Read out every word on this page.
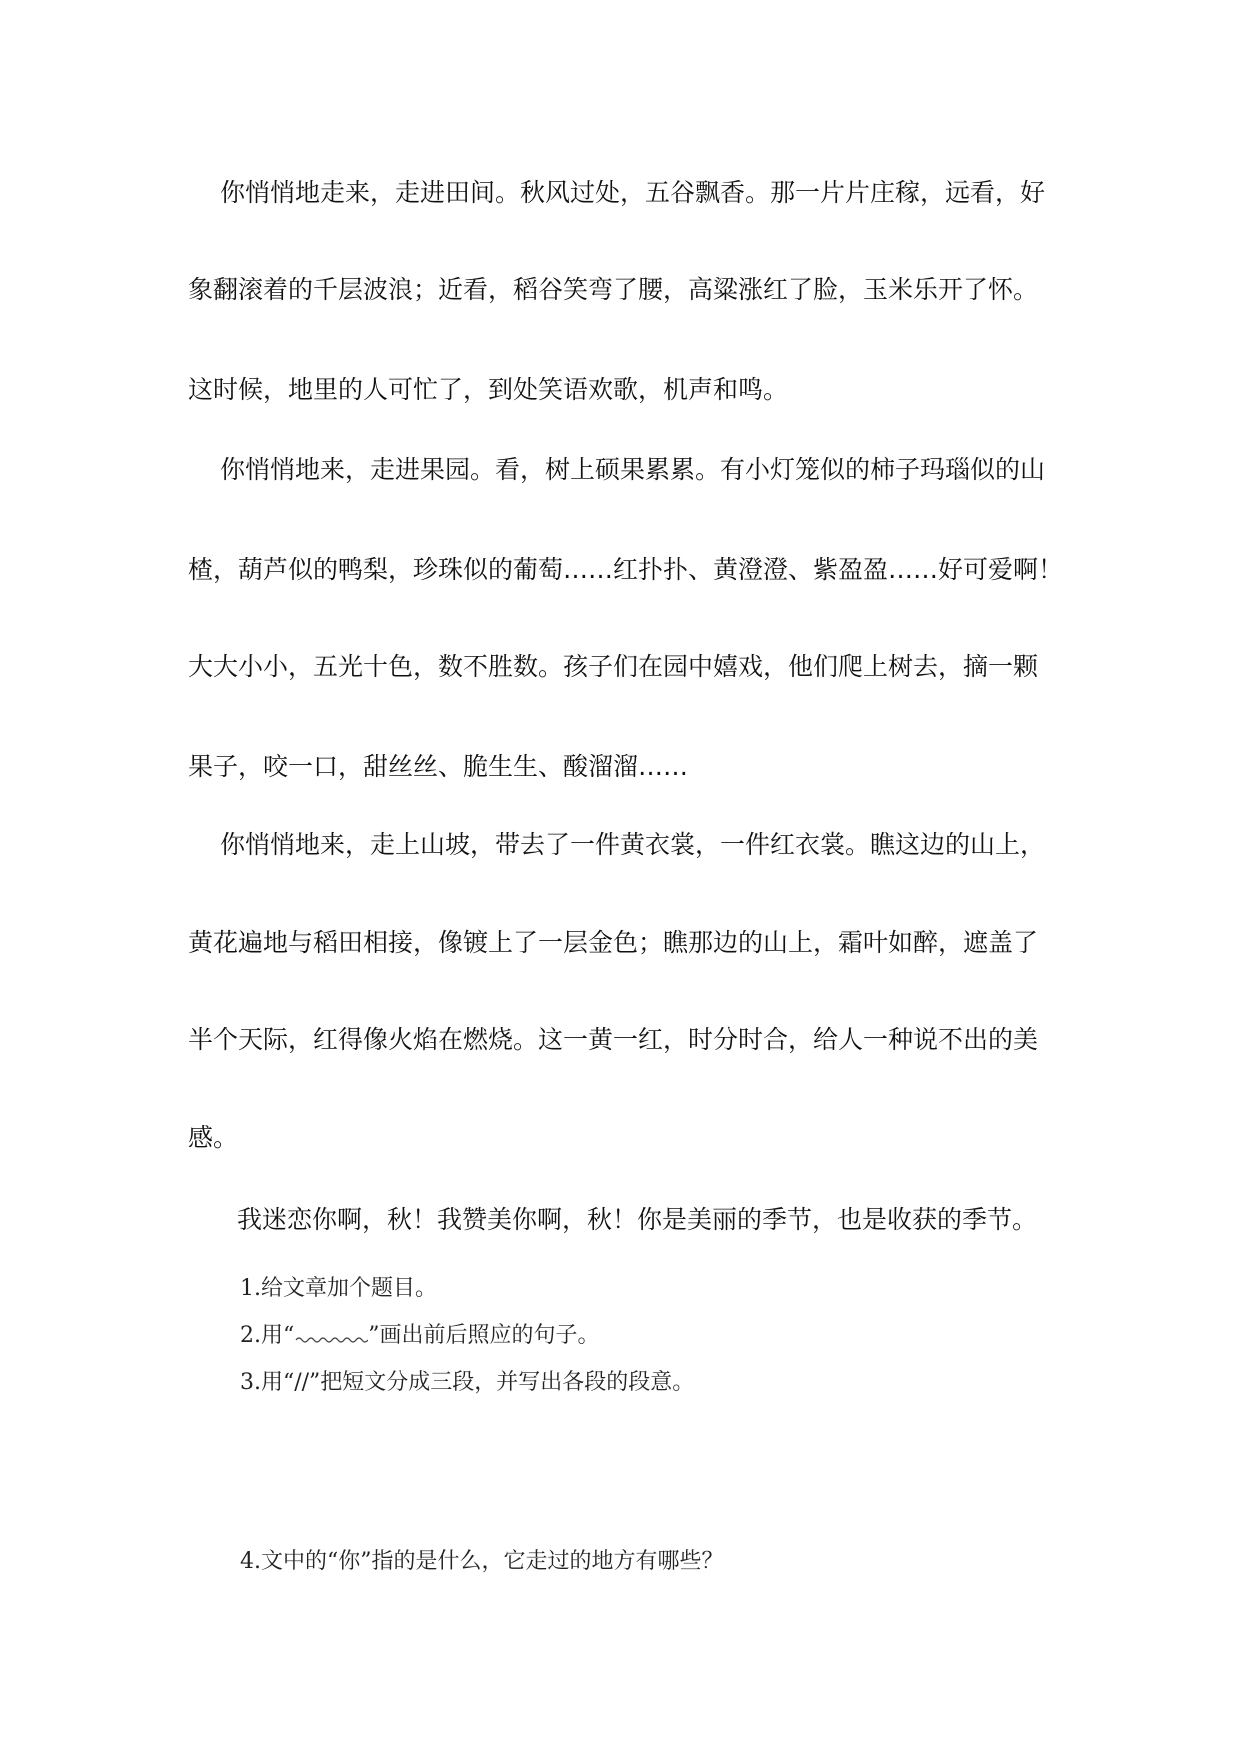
你悄悄地走来，走进田间。秋风过处，五谷飘香。那一片片庄稼，远看，好
象翻滚着的千层波浪；近看，稻谷笑弯了腰，高粱涨红了脸，玉米乐开了怀。
这时候，地里的人可忙了，到处笑语欢歌，机声和鸣。
你悄悄地来，走进果园。看，树上硕果累累。有小灯笼似的柿子玛瑙似的山
楂，葫芦似的鸭梨，珍珠似的葡萄……红扑扑、黄澄澄、紫盈盈……好可爱啊！
大大小小，五光十色，数不胜数。孩子们在园中嬉戏，他们爬上树去，摘一颗
果子，咬一口，甜丝丝、脆生生、酸溜溜……
你悄悄地来，走上山坡，带去了一件黄衣裳，一件红衣裳。瞧这边的山上，
黄花遍地与稻田相接，像镀上了一层金色；瞧那边的山上，霜叶如醉，遮盖了
半个天际，红得像火焰在燃烧。这一黄一红，时分时合，给人一种说不出的美
感。
我迷恋你啊，秋！我赞美你啊，秋！你是美丽的季节，也是收获的季节。
1.给文章加个题目。
2.用“	”画出前后照应的句子。
3.用“//”把短文分成三段，并写出各段的段意。
4.文中的“你”指的是什么，它走过的地方有哪些？
